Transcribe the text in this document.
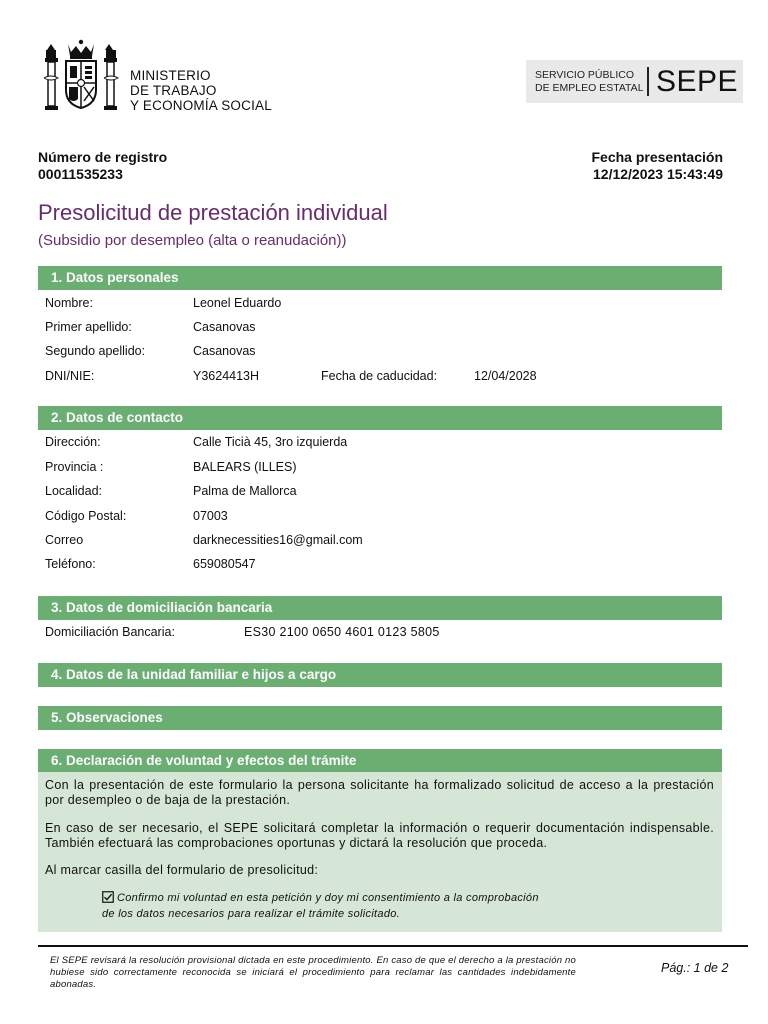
MINISTERIO
DE TRABAJO
Y ECONOMÍA SOCIAL
SERVICIO PÚBLICO
DE EMPLEO ESTATAL SEPE
Número de registro
00011535233
Fecha presentación
12/12/2023 15:43:49
Presolicitud de prestación individual
(Subsidio por desempleo (alta o reanudación))
1. Datos personales
Nombre:	Leonel Eduardo
Primer apellido:	Casanovas
Segundo apellido:	Casanovas
DNI/NIE:	Y3624413H	Fecha de caducidad:	12/04/2028
2. Datos de contacto
Dirección:	Calle Ticià 45, 3ro izquierda
Provincia :	BALEARS (ILLES)
Localidad:	Palma de Mallorca
Código Postal:	07003
Correo	darknecessities16@gmail.com
Teléfono:	659080547
3. Datos de domiciliación bancaria
Domiciliación Bancaria:	ES30 2100 0650 4601 0123 5805
4. Datos de la unidad familiar e hijos a cargo
5. Observaciones
6. Declaración de voluntad y efectos del trámite

Con la presentación de este formulario la persona solicitante ha formalizado solicitud de acceso a la prestación por desempleo o de baja de la prestación.

En caso de ser necesario, el SEPE solicitará completar la información o requerir documentación indispensable. También efectuará las comprobaciones oportunas y dictará la resolución que proceda.

Al marcar casilla del formulario de presolicitud:

Confirmo mi voluntad en esta petición y doy mi consentimiento a la comprobación
de los datos necesarios para realizar el trámite solicitado.
El SEPE revisará la resolución provisional dictada en este procedimiento. En caso de que el derecho a la prestación no hubiese sido correctamente reconocida se iniciará el procedimiento para reclamar las cantidades indebidamente abonadas.
Pág.: 1 de 2
